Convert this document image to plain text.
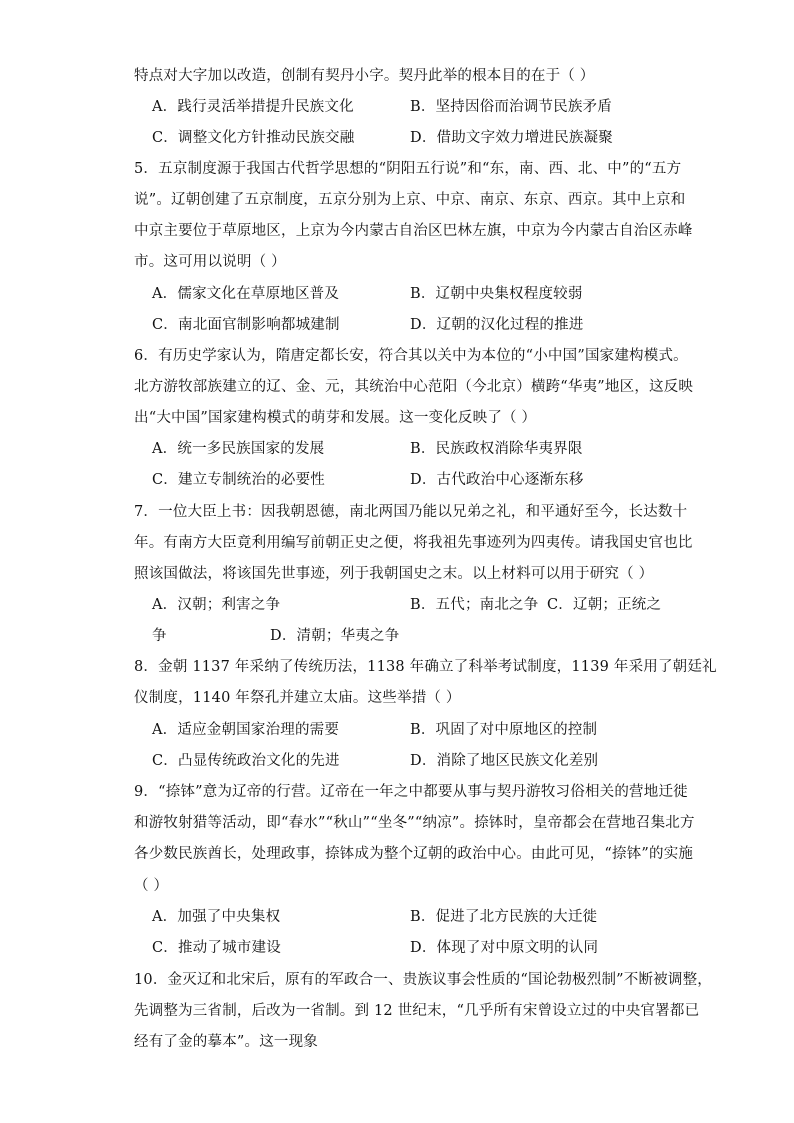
特点对大字加以改造，创制有契丹小字。契丹此举的根本目的在于（ ）
A．践行灵活举措提升民族文化	B．坚持因俗而治调节民族矛盾
C．调整文化方针推动民族交融	D．借助文字效力增进民族凝聚
5．五京制度源于我国古代哲学思想的“阴阳五行说”和“东，南、西、北、中”的“五方
说”。辽朝创建了五京制度，五京分别为上京、中京、南京、东京、西京。其中上京和
中京主要位于草原地区，上京为今内蒙古自治区巴林左旗，中京为今内蒙古自治区赤峰
市。这可用以说明（ ）
A．儒家文化在草原地区普及	B．辽朝中央集权程度较弱
C．南北面官制影响都城建制	D．辽朝的汉化过程的推进
6．有历史学家认为，隋唐定都长安，符合其以关中为本位的“小中国”国家建构模式。
北方游牧部族建立的辽、金、元，其统治中心范阳（今北京）横跨“华夷”地区，这反映
出“大中国”国家建构模式的萌芽和发展。这一变化反映了（ ）
A．统一多民族国家的发展	B．民族政权消除华夷界限
C．建立专制统治的必要性	D．古代政治中心逐渐东移
7．一位大臣上书：因我朝恩德，南北两国乃能以兄弟之礼，和平通好至今，长达数十
年。有南方大臣竟利用编写前朝正史之便，将我祖先事迹列为四夷传。请我国史官也比
照该国做法，将该国先世事迹，列于我朝国史之末。以上材料可以用于研究（ ）
A．汉朝；利害之争	B．五代；南北之争 C．辽朝；正统之
争	D．清朝；华夷之争
8．金朝 1137 年采纳了传统历法，1138 年确立了科举考试制度，1139 年采用了朝廷礼
仪制度，1140 年祭孔并建立太庙。这些举措（ ）
A．适应金朝国家治理的需要	B．巩固了对中原地区的控制
C．凸显传统政治文化的先进	D．消除了地区民族文化差别
9．“捺钵”意为辽帝的行营。辽帝在一年之中都要从事与契丹游牧习俗相关的营地迁徙
和游牧射猎等活动，即“春水”“秋山”“坐冬”“纳凉”。捺钵时，皇帝都会在营地召集北方
各少数民族酋长，处理政事，捺钵成为整个辽朝的政治中心。由此可见，“捺钵”的实施
（ ）
A．加强了中央集权	B．促进了北方民族的大迁徙
C．推动了城市建设	D．体现了对中原文明的认同
10．金灭辽和北宋后，原有的军政合一、贵族议事会性质的“国论勃极烈制”不断被调整，
先调整为三省制，后改为一省制。到 12 世纪末，“几乎所有宋曾设立过的中央官署都已
经有了金的摹本”。这一现象
